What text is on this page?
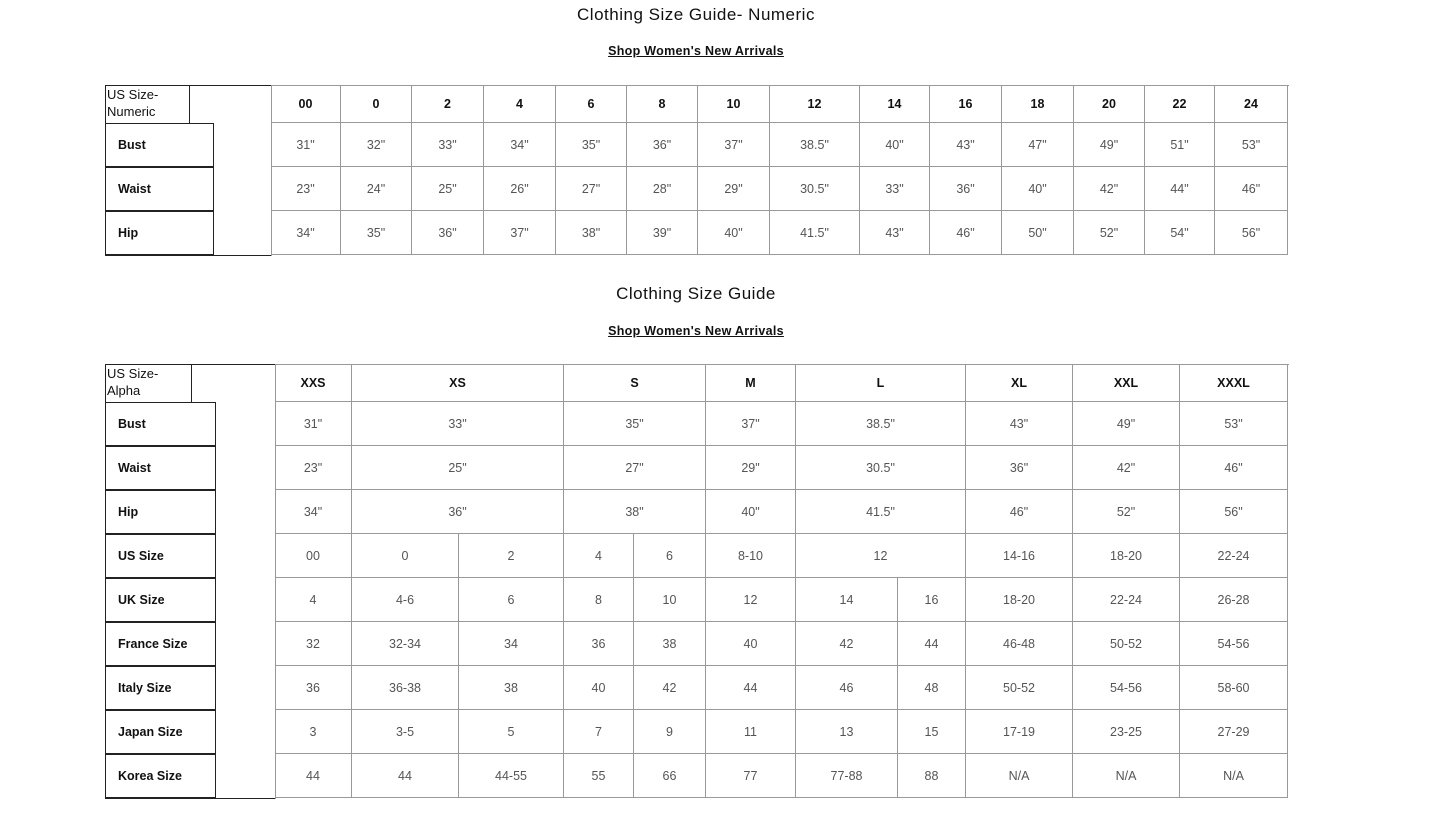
Clothing Size Guide- Numeric
Shop Women's New Arrivals
US Size- Numeric
00	0	2	4	6	8	10	12	14	16	18	20	22	24
Bust	31"	32"	33"	34"	35"	36"	37"	38.5"	40"	43"	47"	49"	51"	53"
Waist	23"	24"	25"	26"	27"	28"	29"	30.5"	33"	36"	40"	42"	44"	46"
Hip	34"	35"	36"	37"	38"	39"	40"	41.5"	43"	46"	50"	52"	54"	56"
Clothing Size Guide
Shop Women's New Arrivals
US Size- Alpha
XXS	XS	S	M	L	XL	XXL	XXXL
Bust	31"	33"	35"	37"	38.5"	43"	49"	53"
Waist	23"	25"	27"	29"	30.5"	36"	42"	46"
Hip	34"	36"	38"	40"	41.5"	46"	52"	56"
US Size	00	0	2	4	6	8-10	12	14-16	18-20	22-24
UK Size	4	4-6	6	8	10	12	14	16	18-20	22-24	26-28
France Size	32	32-34	34	36	38	40	42	44	46-48	50-52	54-56
Italy Size	36	36-38	38	40	42	44	46	48	50-52	54-56	58-60
Japan Size	3	3-5	5	7	9	11	13	15	17-19	23-25	27-29
Korea Size	44	44	44-55	55	66	77	77-88	88	N/A	N/A	N/A
